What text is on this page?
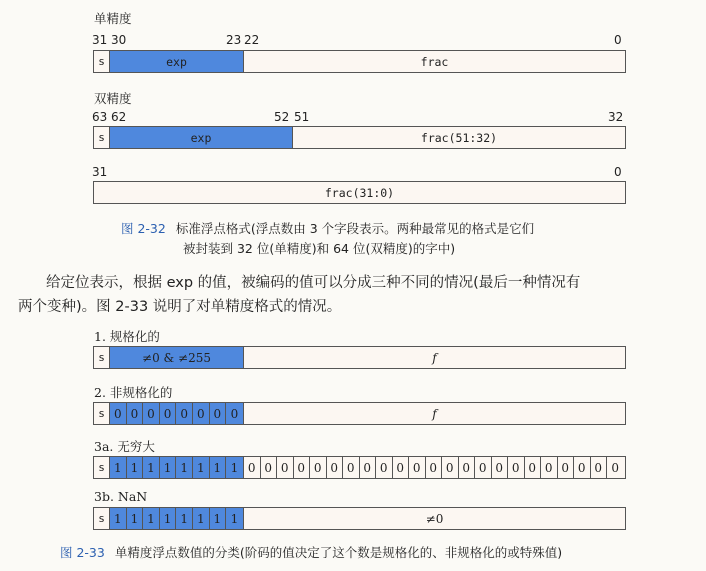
单精度
31 30	23 22	0
s	exp	frac
双精度
63 62	52 51	32
s	exp	frac(51:32)
31	0
frac(31:0)
图 2-32 标准浮点格式(浮点数由 3 个字段表示。两种最常见的格式是它们
被封装到 32 位(单精度)和 64 位(双精度)的字中)
给定位表示，根据 exp 的值，被编码的值可以分成三种不同的情况(最后一种情况有
两个变种)。图 2-33 说明了对单精度格式的情况。
1. 规格化的
s	≠0 & ≠255	f
2. 非规格化的
s 0 0 0 0 0 0 0 0	f
3a. 无穷大
s 1 1 1 1 1 1 1 1 0 0 0 0 0 0 0 0 0 0 0 0 0 0 0 0 0 0 0 0 0 0 0
3b. NaN
s 1 1 1 1 1 1 1 1	≠0
图 2-33 单精度浮点数值的分类(阶码的值决定了这个数是规格化的、非规格化的或特殊值)
